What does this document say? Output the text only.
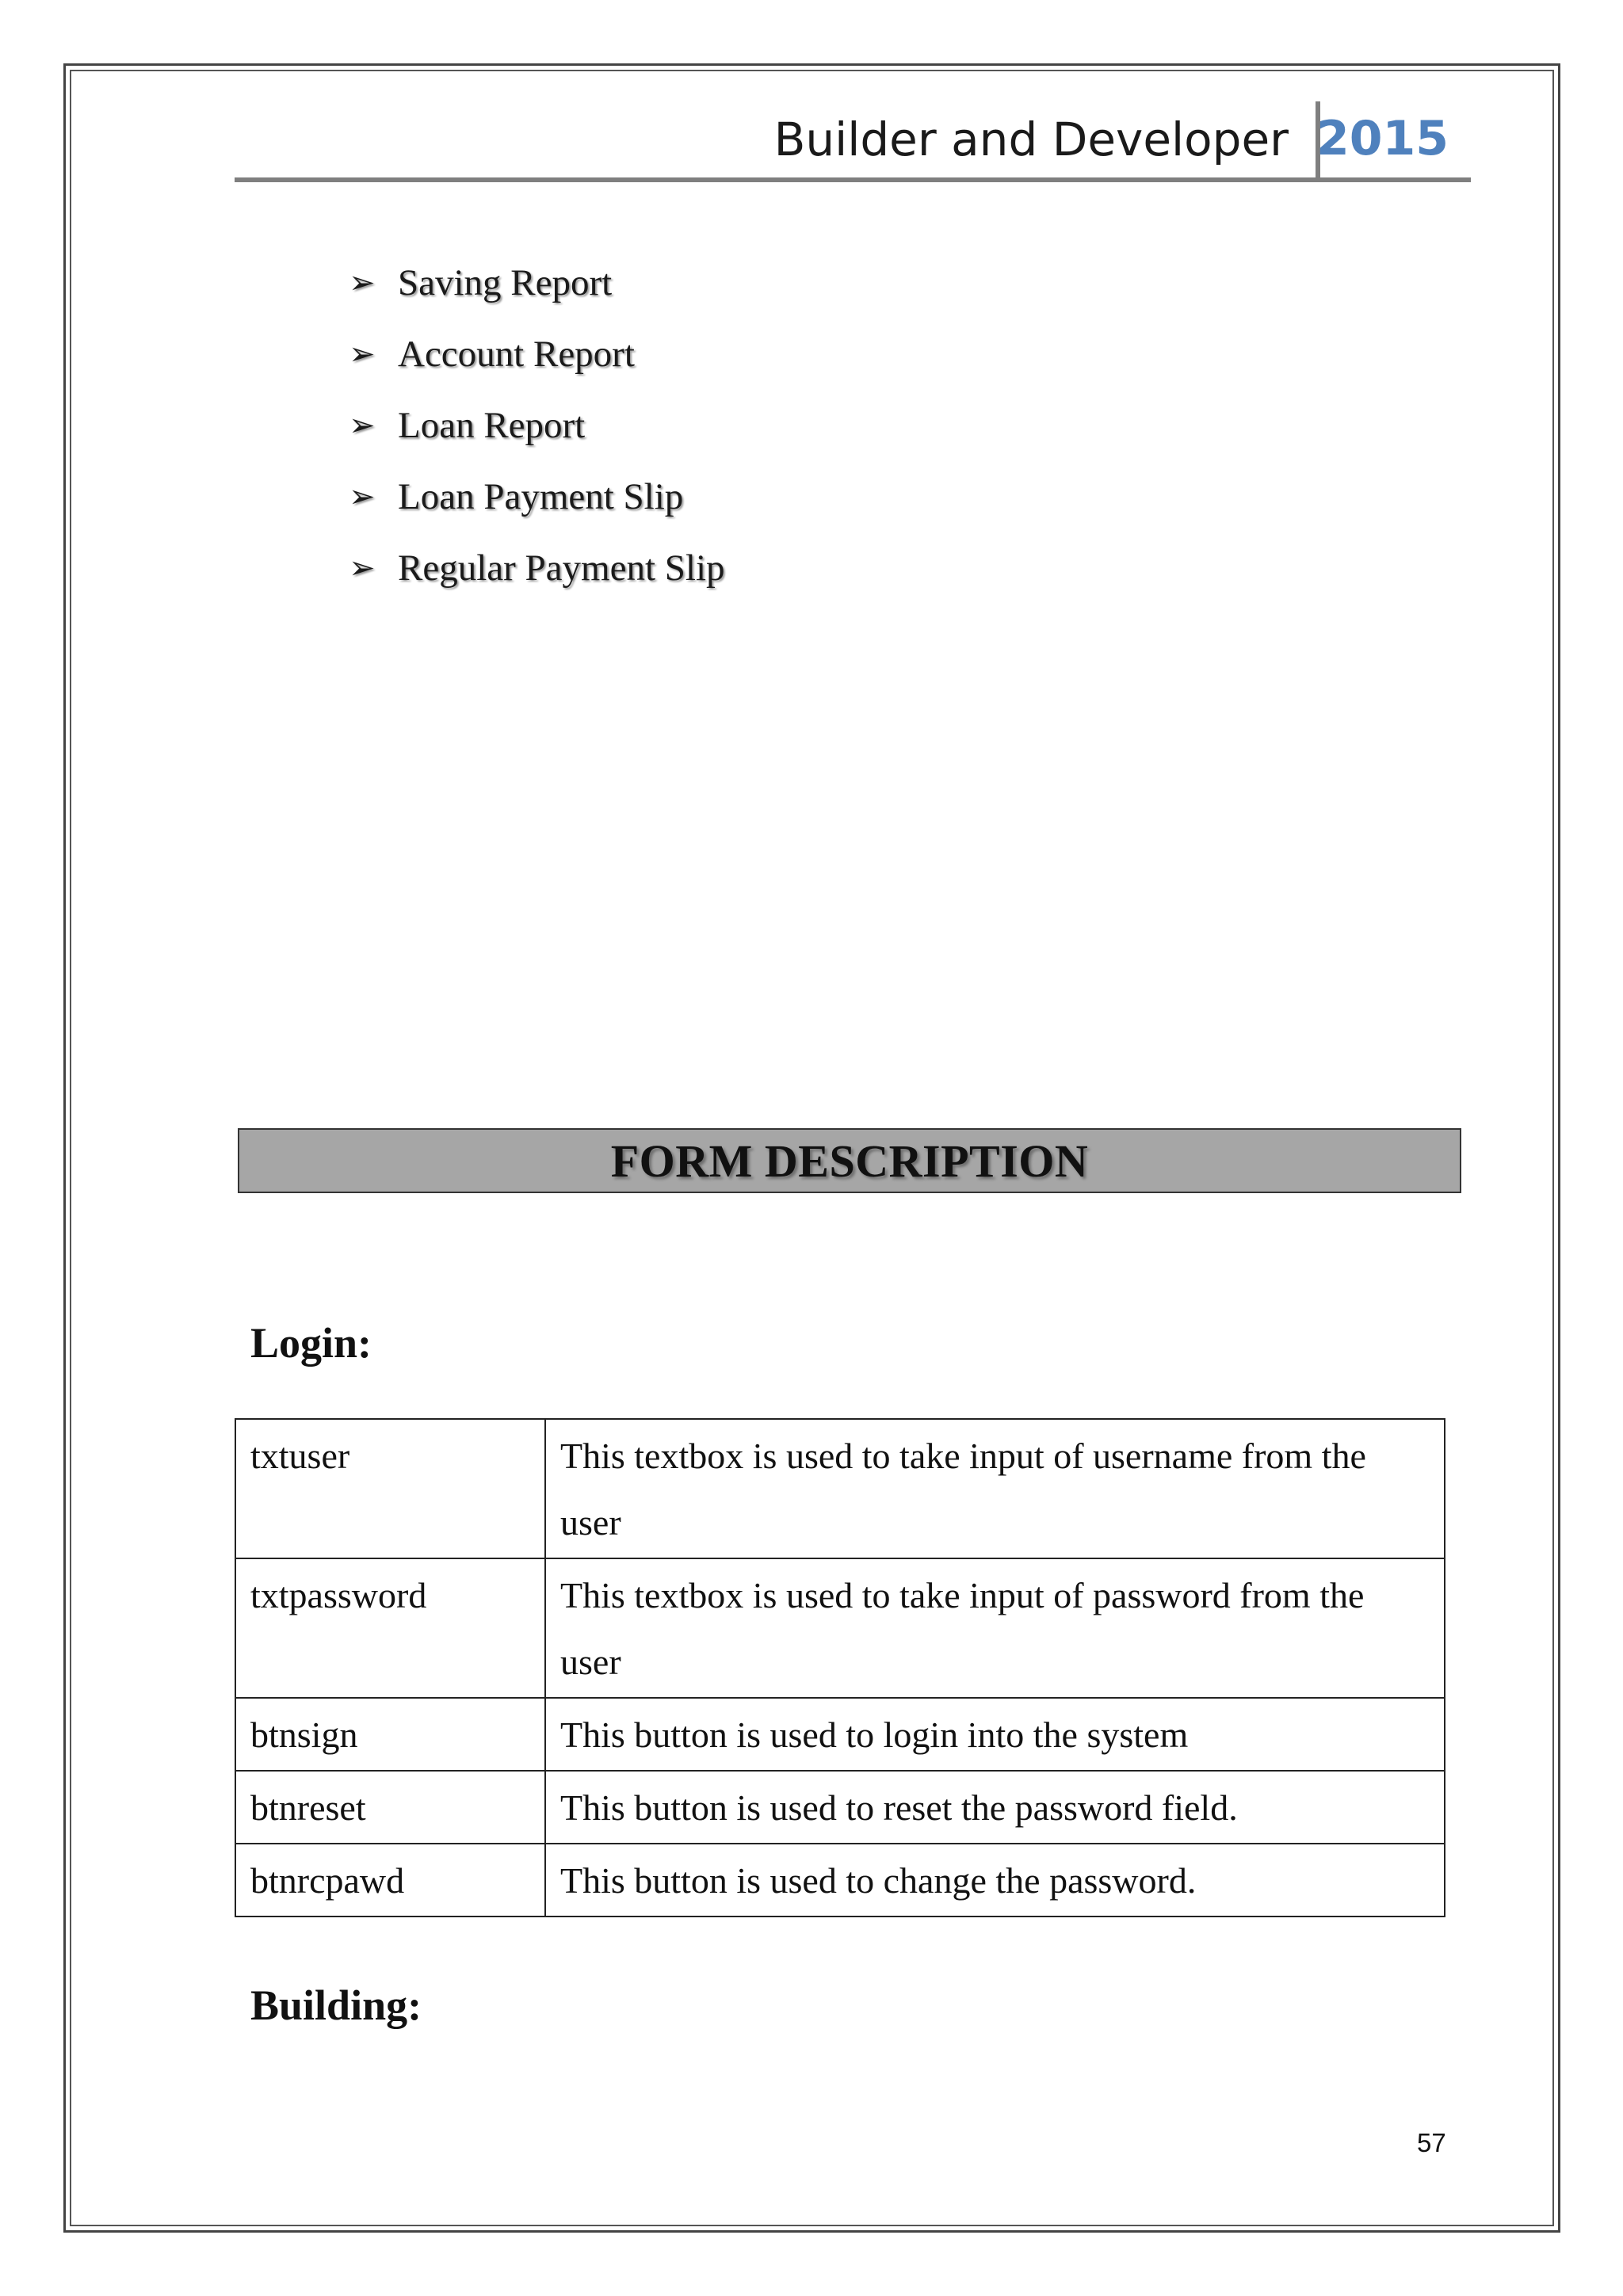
Builder and Developer 2015
➢ Saving Report
➢ Account Report
➢ Loan Report
➢ Loan Payment Slip
➢ Regular Payment Slip
FORM DESCRIPTION
Login:
txtuser	This textbox is used to take input of username from the user

txtpassword	This textbox is used to take input of password from the user

btnsign	This button is used to login into the system

btnreset	This button is used to reset the password field.

btnrcpawd	This button is used to change the password.
Building:
57
